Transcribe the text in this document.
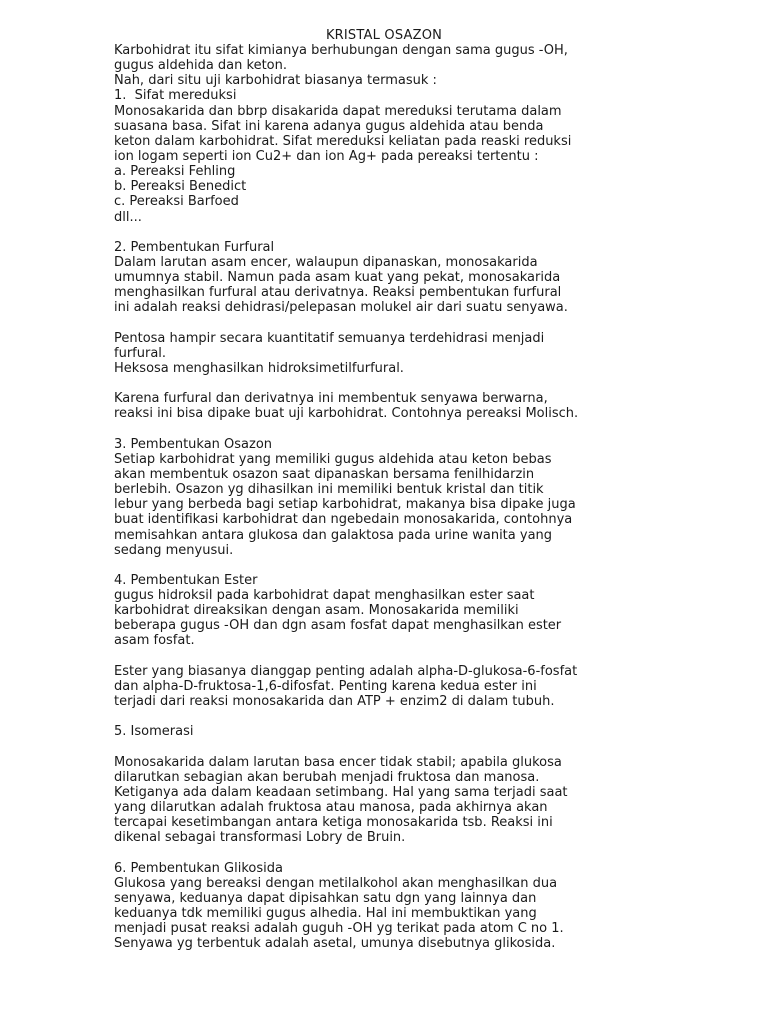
KRISTAL OSAZON
Karbohidrat itu sifat kimianya berhubungan dengan sama gugus -OH,
gugus aldehida dan keton.
Nah, dari situ uji karbohidrat biasanya termasuk :
1.  Sifat mereduksi
Monosakarida dan bbrp disakarida dapat mereduksi terutama dalam
suasana basa. Sifat ini karena adanya gugus aldehida atau benda
keton dalam karbohidrat. Sifat mereduksi keliatan pada reaski reduksi
ion logam seperti ion Cu2+ dan ion Ag+ pada pereaksi tertentu :
a. Pereaksi Fehling
b. Pereaksi Benedict
c. Pereaksi Barfoed
dll...

2. Pembentukan Furfural
Dalam larutan asam encer, walaupun dipanaskan, monosakarida
umumnya stabil. Namun pada asam kuat yang pekat, monosakarida
menghasilkan furfural atau derivatnya. Reaksi pembentukan furfural
ini adalah reaksi dehidrasi/pelepasan molukel air dari suatu senyawa.

Pentosa hampir secara kuantitatif semuanya terdehidrasi menjadi
furfural.
Heksosa menghasilkan hidroksimetilfurfural.

Karena furfural dan derivatnya ini membentuk senyawa berwarna,
reaksi ini bisa dipake buat uji karbohidrat. Contohnya pereaksi Molisch.

3. Pembentukan Osazon
Setiap karbohidrat yang memiliki gugus aldehida atau keton bebas
akan membentuk osazon saat dipanaskan bersama fenilhidarzin
berlebih. Osazon yg dihasilkan ini memiliki bentuk kristal dan titik
lebur yang berbeda bagi setiap karbohidrat, makanya bisa dipake juga
buat identifikasi karbohidrat dan ngebedain monosakarida, contohnya
memisahkan antara glukosa dan galaktosa pada urine wanita yang
sedang menyusui.

4. Pembentukan Ester
gugus hidroksil pada karbohidrat dapat menghasilkan ester saat
karbohidrat direaksikan dengan asam. Monosakarida memiliki
beberapa gugus -OH dan dgn asam fosfat dapat menghasilkan ester
asam fosfat.

Ester yang biasanya dianggap penting adalah alpha-D-glukosa-6-fosfat
dan alpha-D-fruktosa-1,6-difosfat. Penting karena kedua ester ini
terjadi dari reaksi monosakarida dan ATP + enzim2 di dalam tubuh.

5. Isomerasi

Monosakarida dalam larutan basa encer tidak stabil; apabila glukosa
dilarutkan sebagian akan berubah menjadi fruktosa dan manosa.
Ketiganya ada dalam keadaan setimbang. Hal yang sama terjadi saat
yang dilarutkan adalah fruktosa atau manosa, pada akhirnya akan
tercapai kesetimbangan antara ketiga monosakarida tsb. Reaksi ini
dikenal sebagai transformasi Lobry de Bruin.

6. Pembentukan Glikosida
Glukosa yang bereaksi dengan metilalkohol akan menghasilkan dua
senyawa, keduanya dapat dipisahkan satu dgn yang lainnya dan
keduanya tdk memiliki gugus alhedia. Hal ini membuktikan yang
menjadi pusat reaksi adalah guguh -OH yg terikat pada atom C no 1.
Senyawa yg terbentuk adalah asetal, umunya disebutnya glikosida.
